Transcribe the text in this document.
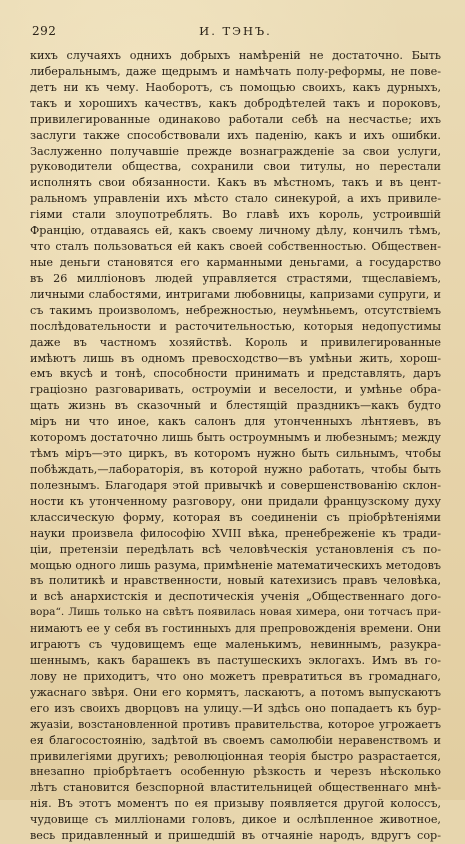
292	И. ТЭНЪ.
кихъ случаяхъ однихъ добрыхъ намѣреній не достаточно. Быть
либеральнымъ, даже щедрымъ и намѣчать полу-реформы, не пове-
детъ ни къ чему. Наоборотъ, съ помощью своихъ, какъ дурныхъ,
такъ и хорошихъ качествъ, какъ добродѣтелей такъ и пороковъ,
привилегированные одинаково работали себѣ на несчастье; ихъ
заслуги также способствовали ихъ паденію, какъ и ихъ ошибки.
Заслуженно получавшіе прежде вознагражденіе за свои услуги,
руководители общества, сохранили свои титулы, но перестали
исполнять свои обязанности. Какъ въ мѣстномъ, такъ и въ цент-
ральномъ управленіи ихъ мѣсто стало синекурой, а ихъ привиле-
гіями стали злоупотреблять. Во главѣ ихъ король, устроившій
Францію, отдаваясь ей, какъ своему личному дѣлу, кончилъ тѣмъ,
что сталъ пользоваться ей какъ своей собственностью. Обществен-
ные деньги становятся его карманными деньгами, а государство
въ 26 милліоновъ людей управляется страстями, тщеславіемъ,
личными слабостями, интригами любовницы, капризами супруги, и
съ такимъ произволомъ, небрежностью, неумѣньемъ, отсутствіемъ
послѣдовательности и расточительностью, которыя недопустимы
даже въ частномъ хозяйствѣ. Король и привилегированные
имѣютъ лишь въ одномъ превосходство—въ умѣньи жить, хорош-
емъ вкусѣ и тонѣ, способности принимать и представлять, даръ
граціозно разговаривать, остроуміи и веселости, и умѣнье обра-
щать жизнь въ сказочный и блестящій праздникъ—какъ будто
міръ ни что иное, какъ салонъ для утонченныхъ лѣнтяевъ, въ
которомъ достаточно лишь быть остроумнымъ и любезнымъ; между
тѣмъ міръ—это циркъ, въ которомъ нужно быть сильнымъ, чтобы
побѣждать,—лабораторія, въ которой нужно работать, чтобы быть
полезнымъ. Благодаря этой привычкѣ и совершенствованію склон-
ности къ утонченному разговору, они придали французскому духу
классическую форму, которая въ соединеніи съ пріобрѣтеніями
науки произвела философію XVIII вѣка, пренебреженіе къ тради-
ціи, претензіи передѣлать всѣ человѣческія установленія съ по-
мощью одного лишь разума, примѣненіе математическихъ методовъ
въ политикѣ и нравственности, новый катехизисъ правъ человѣка,
и всѣ анархистскія и деспотическія ученія „Общественнаго дого-
вора“. Лишь только на свѣтъ появилась новая химера, они тотчасъ при-
нимаютъ ее у себя въ гостинныхъ для препровожденія времени. Они
играютъ съ чудовищемъ еще маленькимъ, невиннымъ, разукра-
шеннымъ, какъ барашекъ въ пастушескихъ эклогахъ. Имъ въ го-
лову не приходитъ, что оно можетъ превратиться въ громаднаго,
ужаснаго звѣря. Они его кормятъ, ласкаютъ, а потомъ выпускаютъ
его изъ своихъ дворцовъ на улицу.—И здѣсь оно попадаетъ къ бур-
жуазіи, возстановленной противъ правительства, которое угрожаетъ
ея благосостоянію, задѣтой въ своемъ самолюбіи неравенствомъ и
привилегіями другихъ; революціонная теорія быстро разрастается,
внезапно пріобрѣтаетъ особенную рѣзкость и черезъ нѣсколько
лѣтъ становится безспорной властительницей общественнаго мнѣ-
нія. Въ этотъ моментъ по ея призыву появляется другой колоссъ,
чудовище съ милліонами головъ, дикое и ослѣпленное животное,
весь придавленный и пришедшій въ отчаяніе народъ, вдругъ сор-
